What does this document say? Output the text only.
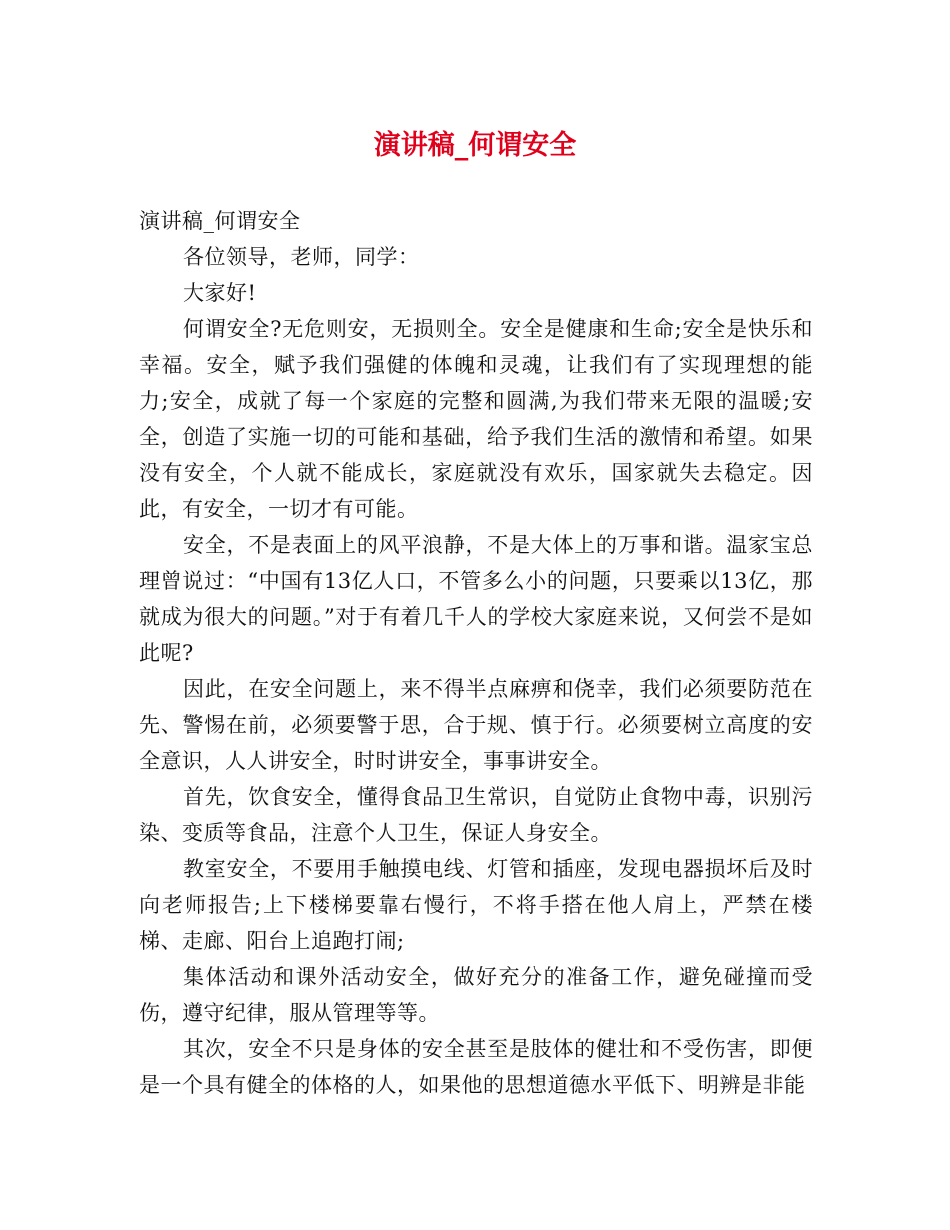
演讲稿_何谓安全

演讲稿_何谓安全

各位领导，老师，同学：

大家好!

何谓安全?无危则安，无损则全。安全是健康和生命;安全是快乐和幸福。安全，赋予我们强健的体魄和灵魂，让我们有了实现理想的能力;安全，成就了每一个家庭的完整和圆满,为我们带来无限的温暖;安全，创造了实施一切的可能和基础，给予我们生活的激情和希望。如果没有安全，个人就不能成长，家庭就没有欢乐，国家就失去稳定。因此，有安全，一切才有可能。

安全，不是表面上的风平浪静，不是大体上的万事和谐。温家宝总理曾说过：“中国有13亿人口，不管多么小的问题，只要乘以13亿，那就成为很大的问题。”对于有着几千人的学校大家庭来说，又何尝不是如此呢?

因此，在安全问题上，来不得半点麻痹和侥幸，我们必须要防范在先、警惕在前，必须要警于思，合于规、慎于行。必须要树立高度的安全意识，人人讲安全，时时讲安全，事事讲安全。

首先，饮食安全，懂得食品卫生常识，自觉防止食物中毒，识别污染、变质等食品，注意个人卫生，保证人身安全。

教室安全，不要用手触摸电线、灯管和插座，发现电器损坏后及时向老师报告;上下楼梯要靠右慢行，不将手搭在他人肩上，严禁在楼梯、走廊、阳台上追跑打闹;

集体活动和课外活动安全，做好充分的准备工作，避免碰撞而受伤，遵守纪律，服从管理等等。

其次，安全不只是身体的安全甚至是肢体的健壮和不受伤害，即便是一个具有健全的体格的人，如果他的思想道德水平低下、明辨是非能
